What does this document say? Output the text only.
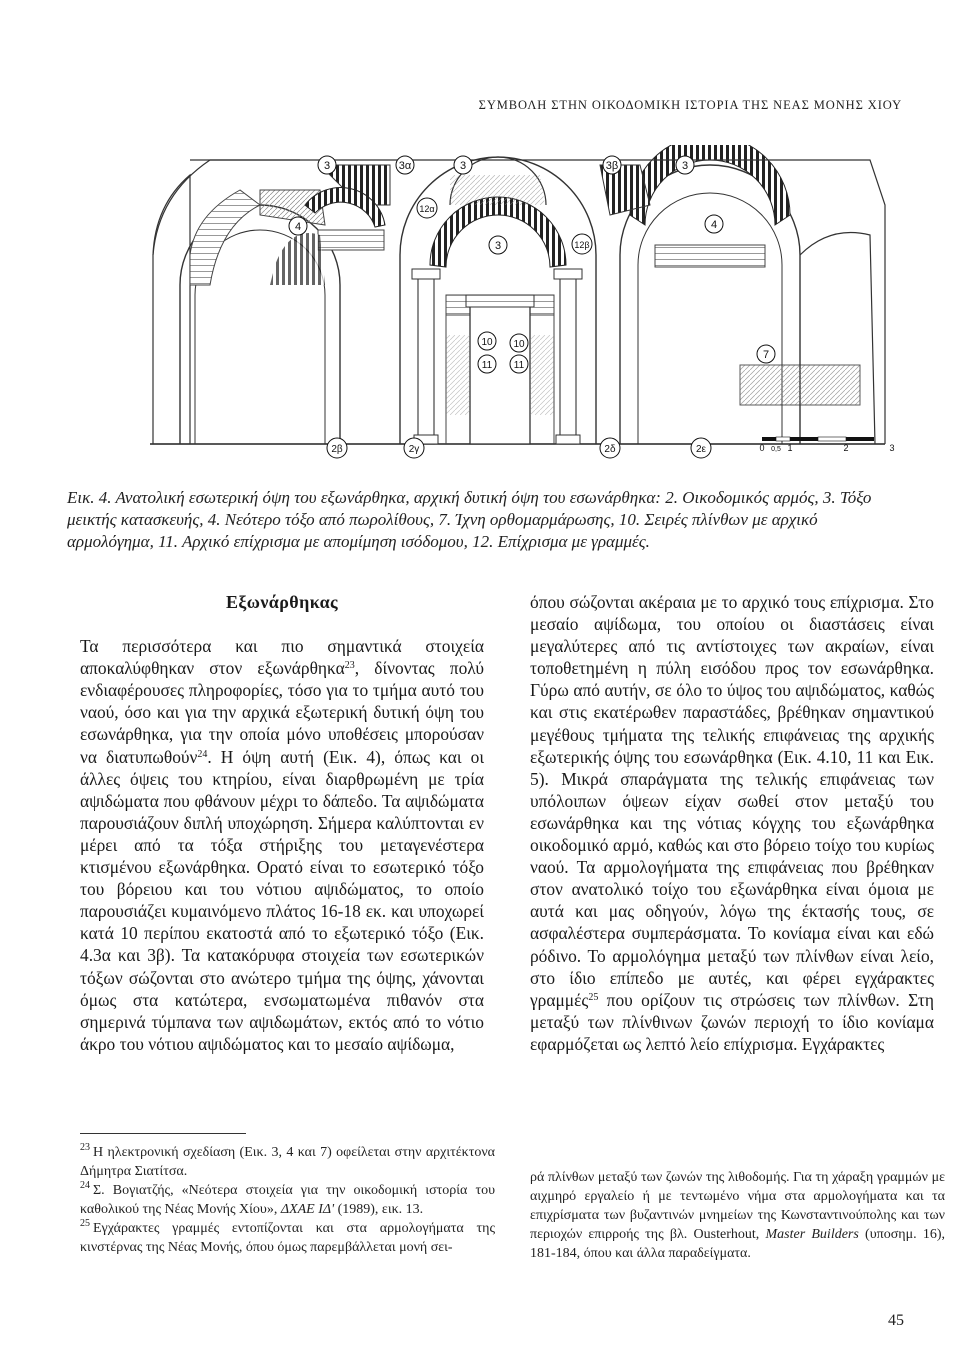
ΣΥΜΒΟΛΗ ΣΤΗΝ ΟΙΚΟΔΟΜΙΚΗ ΙΣΤΟΡΙΑ ΤΗΣ ΝΕΑΣ ΜΟΝΗΣ ΧΙΟΥ
3	3α	3	3β	3
4	4
3
12α
12β
10 10
11 11
7
2β	2γ	2δ	2ε	0 0,5 1	2	3
Εικ. 4. Ανατολική εσωτερική όψη του εξωνάρθηκα, αρχική δυτική όψη του εσωνάρθηκα: 2. Οικοδομικός αρμός, 3. Τόξο μεικτής κατασκευής, 4. Νεότερο τόξο από πωρολίθους, 7. Ίχνη ορθομαρμάρωσης, 10. Σειρές πλίνθων με αρχικό αρμολόγημα, 11. Αρχικό επίχρισμα με απομίμηση ισόδομου, 12. Επίχρισμα με γραμμές.
Εξωνάρθηκας

Τα περισσότερα και πιο σημαντικά στοιχεία αποκαλύφθηκαν στον εξωνάρθηκα$^{23}$, δίνοντας πολύ ενδιαφέρουσες πληροφορίες, τόσο για το τμήμα αυτό του ναού, όσο και για την αρχικά εξωτερική δυτική όψη του εσωνάρθηκα, για την οποία μόνο υποθέσεις μπορούσαν να διατυπωθούν$^{24}$. Η όψη αυτή (Εικ. 4), όπως και οι άλλες όψεις του κτηρίου, είναι διαρθρωμένη με τρία αψιδώματα που φθάνουν μέχρι το δάπεδο. Τα αψιδώματα παρουσιάζουν διπλή υποχώρηση. Σήμερα καλύπτονται εν μέρει από τα τόξα στήριξης του μεταγενέστερα κτισμένου εξωνάρθηκα. Ορατό είναι το εσωτερικό τόξο του βόρειου και του νότιου αψιδώματος, το οποίο παρουσιάζει κυμαινόμενο πλάτος 16-18 εκ. και υποχωρεί κατά 10 περίπου εκατοστά από το εξωτερικό τόξο (Εικ. 4.3α και 3β). Τα κατακόρυφα στοιχεία των εσωτερικών τόξων σώζονται στο ανώτερο τμήμα της όψης, χάνονται όμως στα κατώτερα, ενσωματωμένα πιθανόν στα σημερινά τύμπανα των αψιδωμάτων, εκτός από το νότιο άκρο του νότιου αψιδώματος και το μεσαίο αψίδωμα,

όπου σώζονται ακέραια με το αρχικό τους επίχρισμα. Στο μεσαίο αψίδωμα, του οποίου οι διαστάσεις είναι μεγαλύτερες από τις αντίστοιχες των ακραίων, είναι τοποθετημένη η πύλη εισόδου προς τον εσωνάρθηκα. Γύρω από αυτήν, σε όλο το ύψος του αψιδώματος, καθώς και στις εκατέρωθεν παραστάδες, βρέθηκαν σημαντικού μεγέθους τμήματα της τελικής επιφάνειας της αρχικής εξωτερικής όψης του εσωνάρθηκα (Εικ. 4.10, 11 και Εικ. 5). Μικρά σπαράγματα της τελικής επιφάνειας των υπόλοιπων όψεων είχαν σωθεί στον μεταξύ του εσωνάρθηκα και της νότιας κόγχης του εξωνάρθηκα οικοδομικό αρμό, καθώς και στο βόρειο τοίχο του κυρίως ναού. Τα αρμολογήματα της επιφάνειας που βρέθηκαν στον ανατολικό τοίχο του εξωνάρθηκα είναι όμοια με αυτά και μας οδηγούν, λόγω της έκτασής τους, σε ασφαλέστερα συμπεράσματα. Το κονίαμα είναι και εδώ ρόδινο. Το αρμολόγημα μεταξύ των πλίνθων είναι λείο, στο ίδιο επίπεδο με αυτές, και φέρει εγχάρακτες γραμμές$^{25}$ που ορίζουν τις στρώσεις των πλίνθων. Στη μεταξύ των πλίνθινων ζωνών περιοχή το ίδιο κονίαμα εφαρμόζεται ως λεπτό λείο επίχρισμα. Εγχάρακτες

$^{23}$ Η ηλεκτρονική σχεδίαση (Εικ. 3, 4 και 7) οφείλεται στην αρχιτέκτονα Δήμητρα Σιατίτσα.

$^{24}$ Σ. Βογιατζής, «Νεότερα στοιχεία για την οικοδομική ιστορία του καθολικού της Νέας Μονής Χίου», ΔΧΑΕ ΙΔ' (1989), εικ. 13.

$^{25}$ Εγχάρακτες γραμμές εντοπίζονται και στα αρμολογήματα της κινστέρνας της Νέας Μονής, όπου όμως παρεμβάλλεται μονή σει-

ρά πλίνθων μεταξύ των ζωνών της λιθοδομής. Για τη χάραξη γραμμών με αιχμηρό εργαλείο ή με τεντωμένο νήμα στα αρμολογήματα και τα επιχρίσματα των βυζαντινών μνημείων της Κωνσταντινούπολης και των περιοχών επιρροής της βλ. Ousterhout, Master Builders (υποσημ. 16), 181-184, όπου και άλλα παραδείγματα.

45
